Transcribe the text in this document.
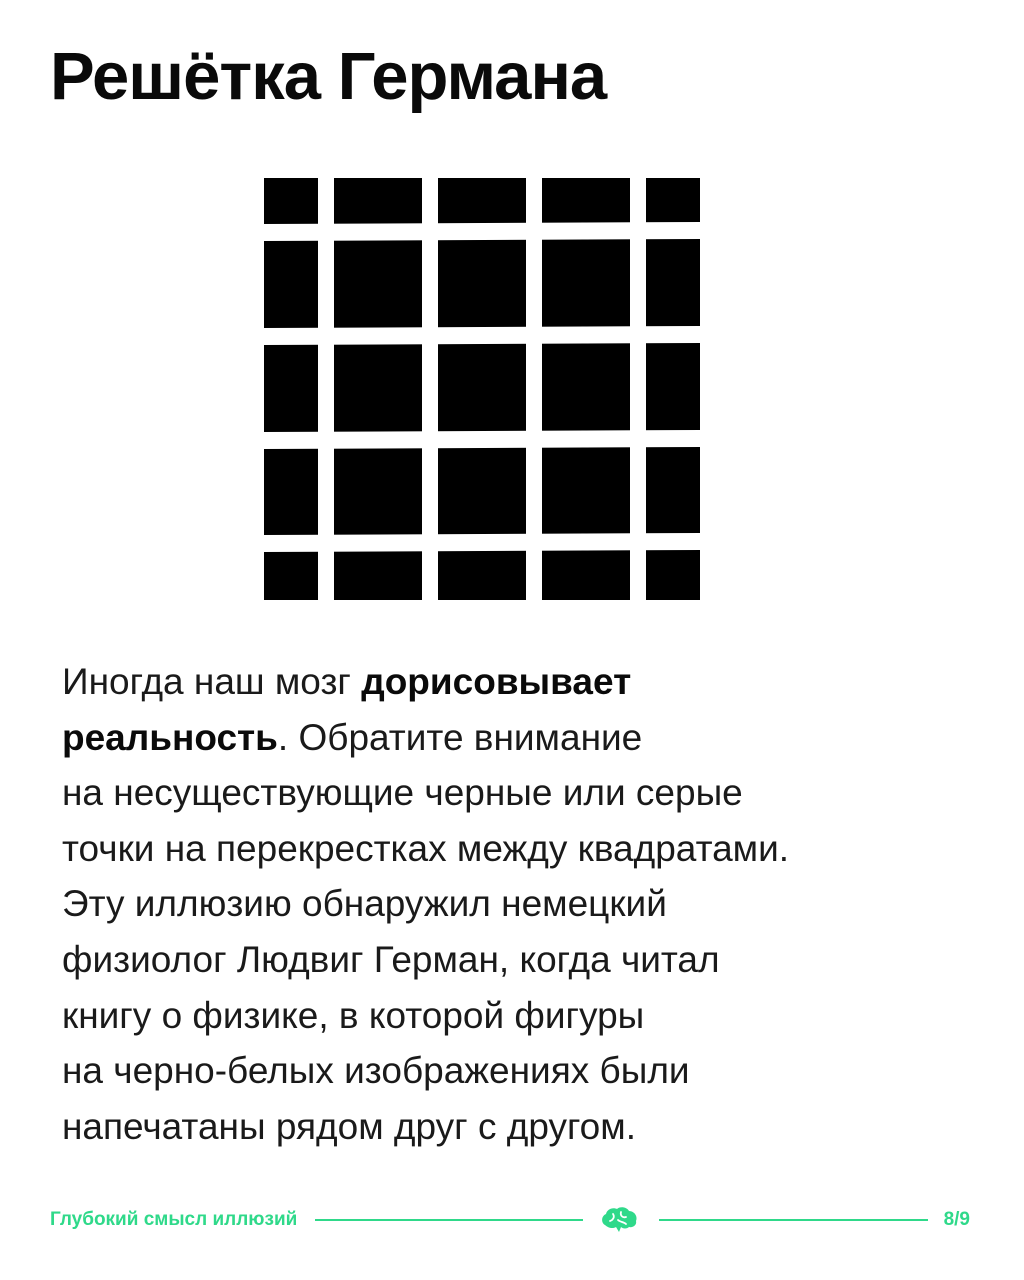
Решётка Германа
Иногда наш мозг дорисовывает
реальность. Обратите внимание
на несуществующие черные или серые
точки на перекрестках между квадратами.
Эту иллюзию обнаружил немецкий
физиолог Людвиг Герман, когда читал
книгу о физике, в которой фигуры
на черно-белых изображениях были
напечатаны рядом друг с другом.
Глубокий смысл иллюзий	8/9
